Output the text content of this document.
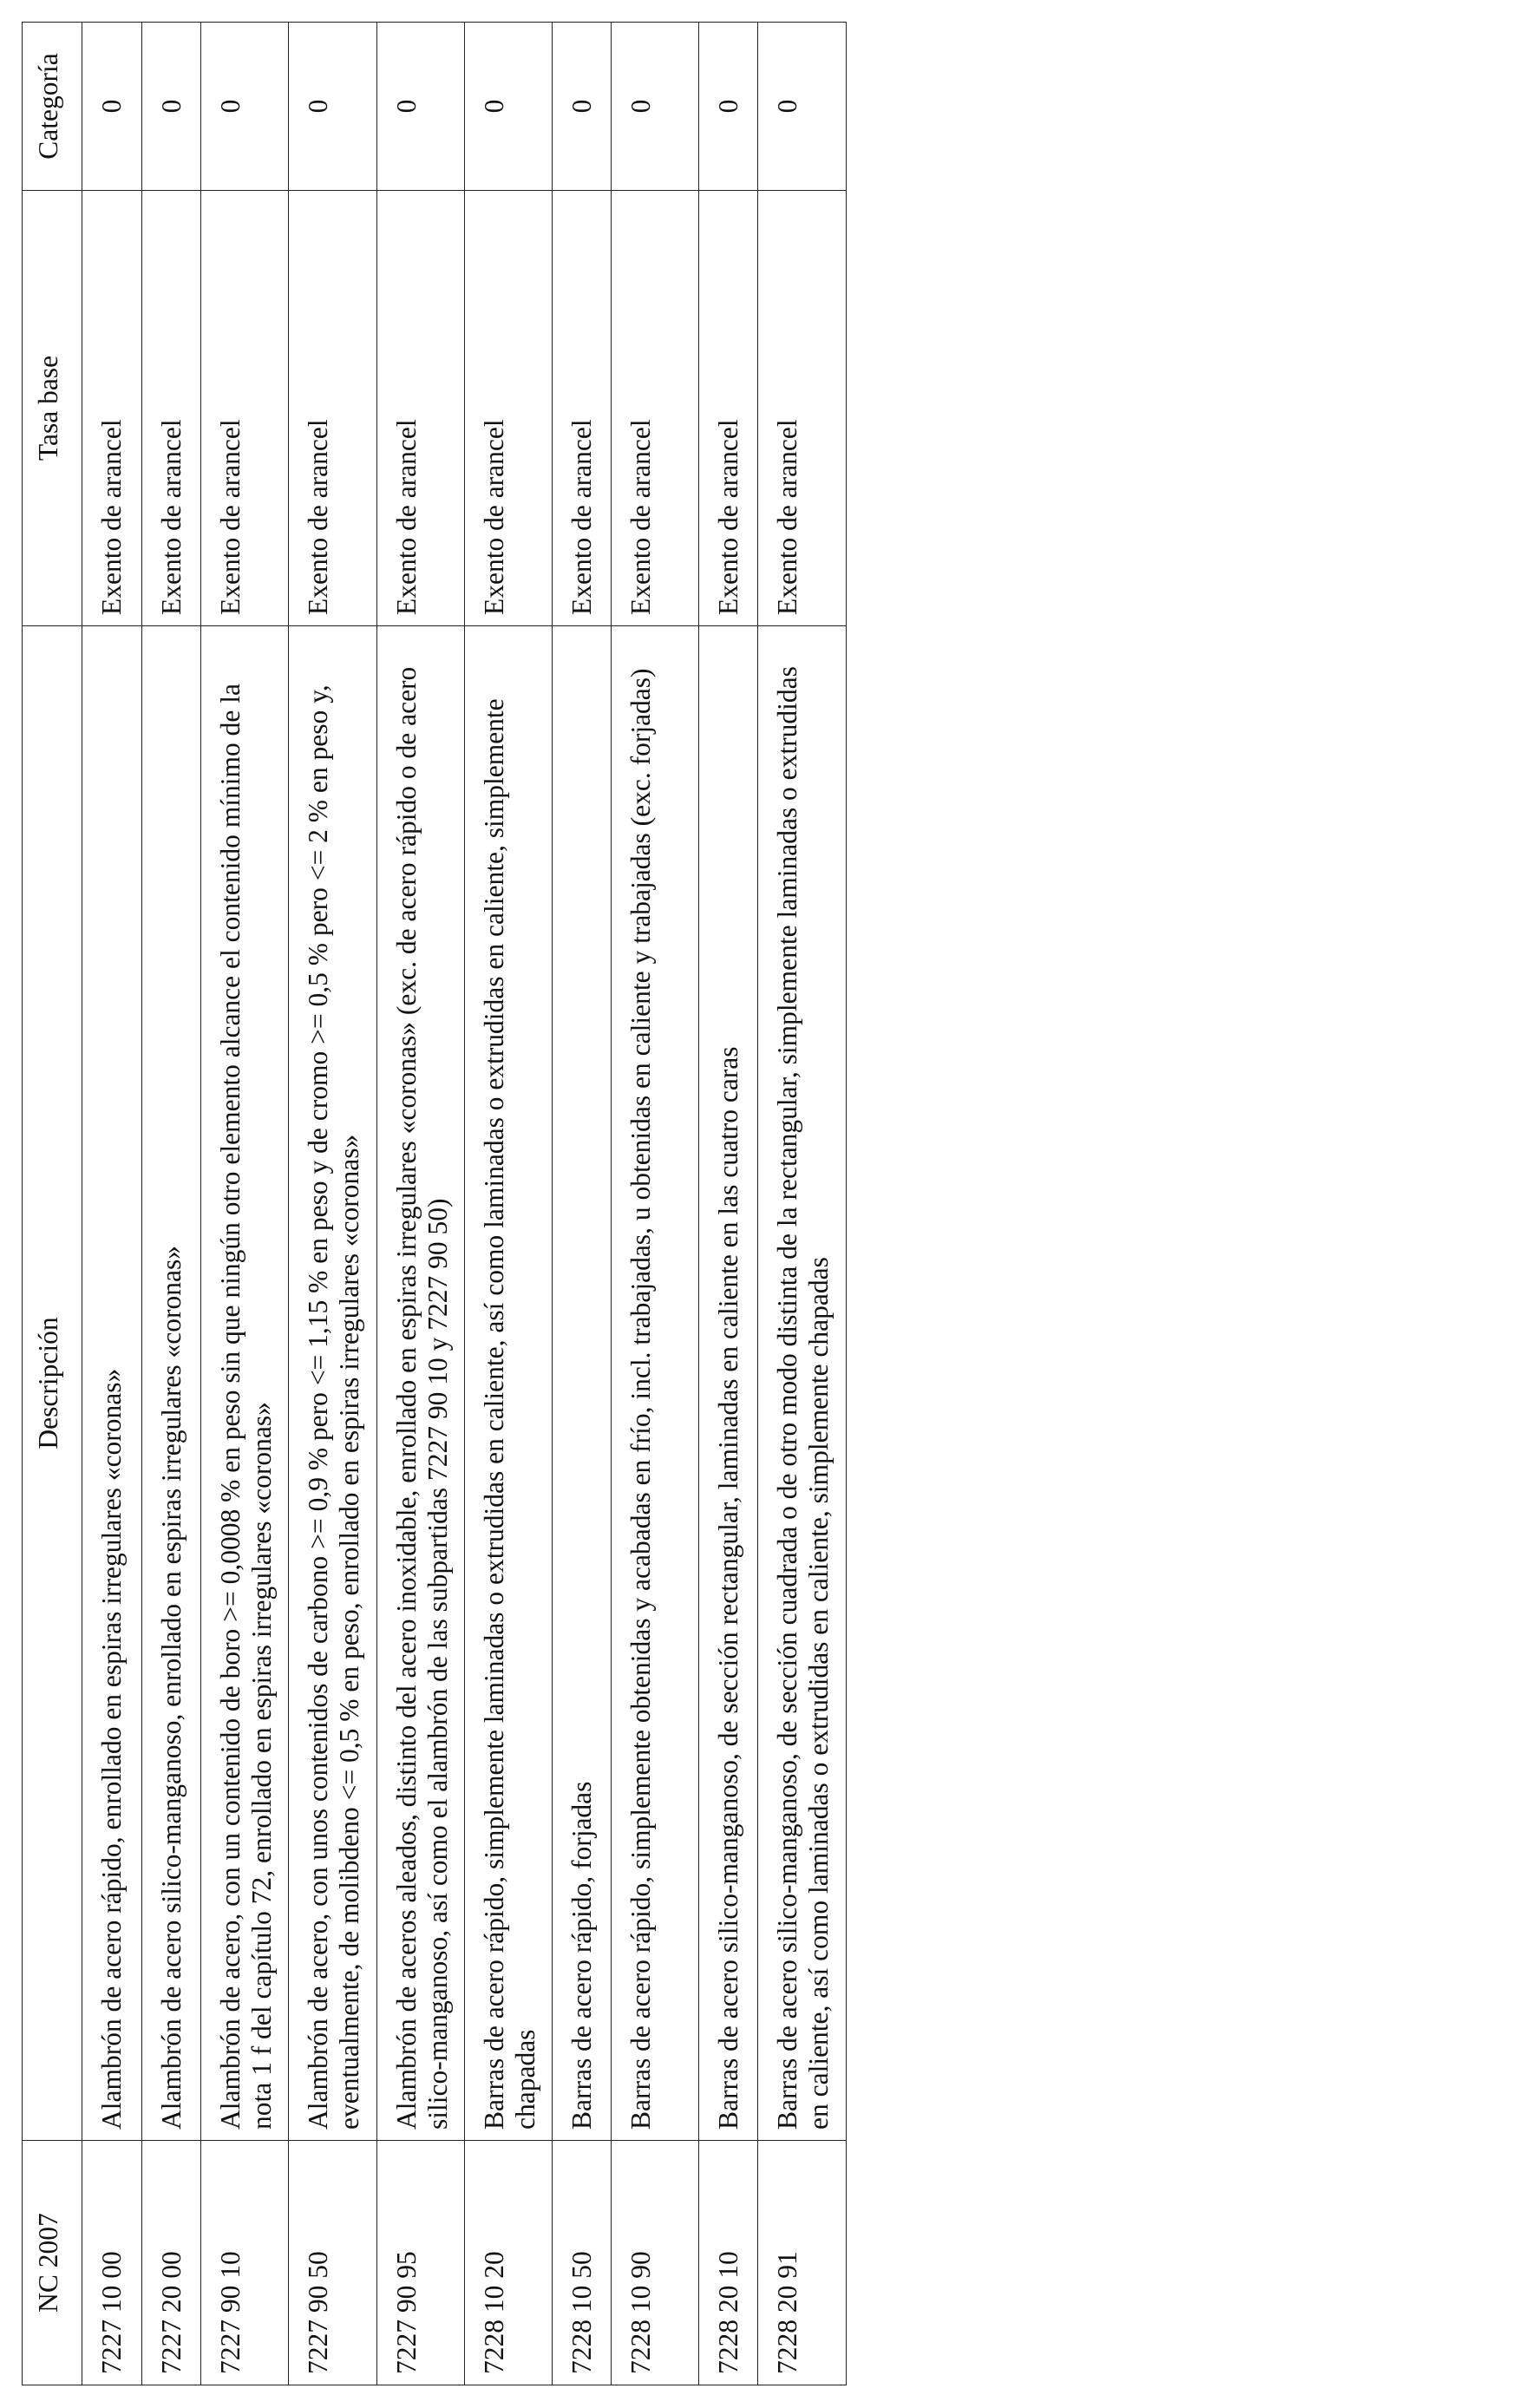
NC 2007	Descripción	Tasa base	Categoría
7227 10 00	Alambrón de acero rápido, enrollado en espiras irregulares «coronas»	Exento de arancel	0
7227 20 00	Alambrón de acero silico-manganoso, enrollado en espiras irregulares «coronas»	Exento de arancel	0
7227 90 10	Alambrón de acero, con un contenido de boro >= 0,0008 % en peso sin que ningún otro elemento alcance el contenido mínimo de la nota 1 f del capítulo 72, enrollado en espiras irregulares «coronas»	Exento de arancel	0
7227 90 50	Alambrón de acero, con unos contenidos de carbono >= 0,9 % pero <= 1,15 % en peso y de cromo >= 0,5 % pero <= 2 % en peso y, eventualmente, de molibdeno <= 0,5 % en peso, enrollado en espiras irregulares «coronas»	Exento de arancel	0
7227 90 95	Alambrón de aceros aleados, distinto del acero inoxidable, enrollado en espiras irregulares «coronas» (exc. de acero rápido o de acero silico-manganoso, así como el alambrón de las subpartidas 7227 90 10 y 7227 90 50)	Exento de arancel	0
7228 10 20	Barras de acero rápido, simplemente laminadas o extrudidas en caliente, así como laminadas o extrudidas en caliente, simplemente chapadas	Exento de arancel	0
7228 10 50	Barras de acero rápido, forjadas	Exento de arancel	0
7228 10 90	Barras de acero rápido, simplemente obtenidas y acabadas en frío, incl. trabajadas, u obtenidas en caliente y trabajadas (exc. forjadas)	Exento de arancel	0
7228 20 10	Barras de acero silico-manganoso, de sección rectangular, laminadas en caliente en las cuatro caras	Exento de arancel	0
7228 20 91	Barras de acero silico-manganoso, de sección cuadrada o de otro modo distinta de la rectangular, simplemente laminadas o extrudidas en caliente, así como laminadas o extrudidas en caliente, simplemente chapadas	Exento de arancel	0
